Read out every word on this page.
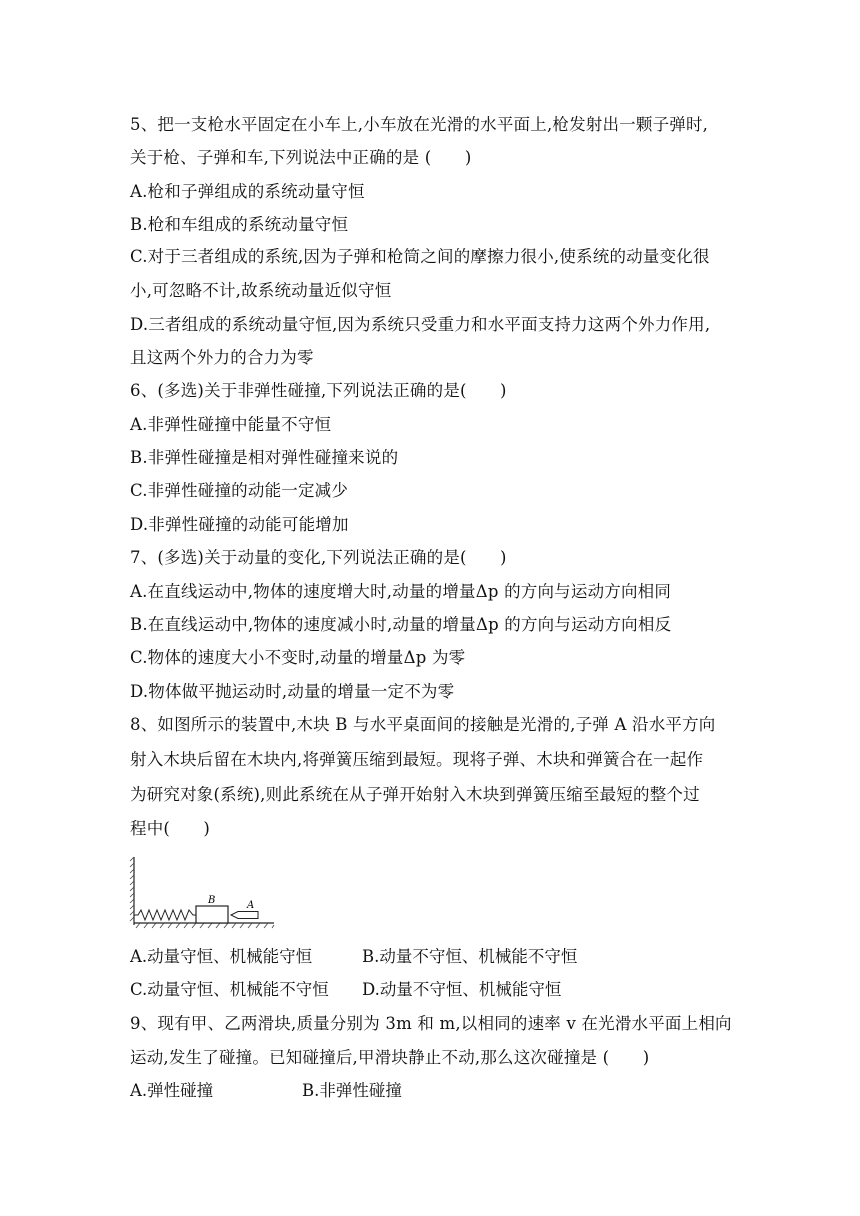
5、把一支枪水平固定在小车上,小车放在光滑的水平面上,枪发射出一颗子弹时,
关于枪、子弹和车,下列说法中正确的是 (　　)
A.枪和子弹组成的系统动量守恒
B.枪和车组成的系统动量守恒
C.对于三者组成的系统,因为子弹和枪筒之间的摩擦力很小,使系统的动量变化很
小,可忽略不计,故系统动量近似守恒
D.三者组成的系统动量守恒,因为系统只受重力和水平面支持力这两个外力作用,
且这两个外力的合力为零
6、(多选)关于非弹性碰撞,下列说法正确的是(　　)
A.非弹性碰撞中能量不守恒
B.非弹性碰撞是相对弹性碰撞来说的
C.非弹性碰撞的动能一定减少
D.非弹性碰撞的动能可能增加
7、(多选)关于动量的变化,下列说法正确的是(　　)
A.在直线运动中,物体的速度增大时,动量的增量Δp 的方向与运动方向相同
B.在直线运动中,物体的速度减小时,动量的增量Δp 的方向与运动方向相反
C.物体的速度大小不变时,动量的增量Δp 为零
D.物体做平抛运动时,动量的增量一定不为零
8、如图所示的装置中,木块 B 与水平桌面间的接触是光滑的,子弹 A 沿水平方向
射入木块后留在木块内,将弹簧压缩到最短。现将子弹、木块和弹簧合在一起作
为研究对象(系统),则此系统在从子弹开始射入木块到弹簧压缩至最短的整个过
程中(　　)
B	A
A.动量守恒、机械能守恒	B.动量不守恒、机械能不守恒
C.动量守恒、机械能不守恒 D.动量不守恒、机械能守恒
9、现有甲、乙两滑块,质量分别为 3m 和 m,以相同的速率 v 在光滑水平面上相向
运动,发生了碰撞。已知碰撞后,甲滑块静止不动,那么这次碰撞是 (　　)
A.弹性碰撞	B.非弹性碰撞
